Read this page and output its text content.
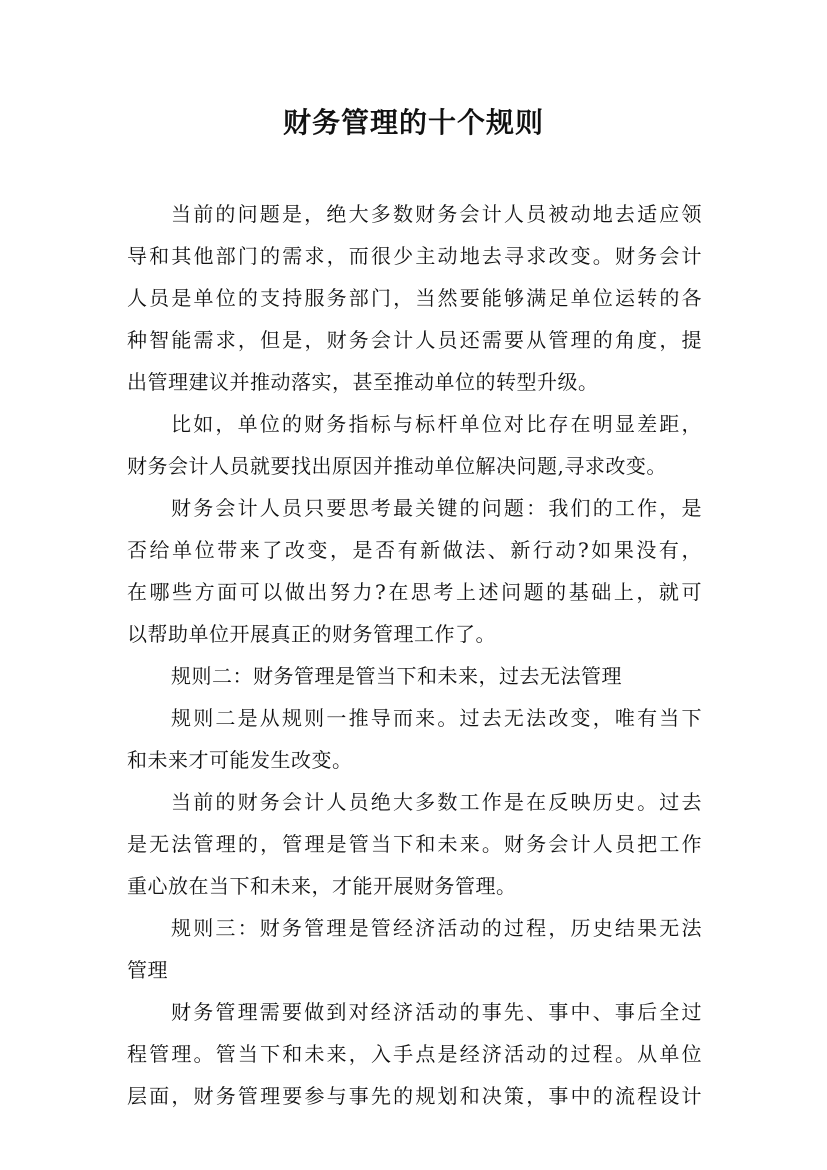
财务管理的十个规则
当前的问题是，绝大多数财务会计人员被动地去适应领
导和其他部门的需求，而很少主动地去寻求改变。财务会计
人员是单位的支持服务部门，当然要能够满足单位运转的各
种智能需求，但是，财务会计人员还需要从管理的角度，提
出管理建议并推动落实，甚至推动单位的转型升级。
比如，单位的财务指标与标杆单位对比存在明显差距，
财务会计人员就要找出原因并推动单位解决问题,寻求改变。
财务会计人员只要思考最关键的问题：我们的工作，是
否给单位带来了改变，是否有新做法、新行动?如果没有，
在哪些方面可以做出努力?在思考上述问题的基础上，就可
以帮助单位开展真正的财务管理工作了。
规则二：财务管理是管当下和未来，过去无法管理
规则二是从规则一推导而来。过去无法改变，唯有当下
和未来才可能发生改变。
当前的财务会计人员绝大多数工作是在反映历史。过去
是无法管理的，管理是管当下和未来。财务会计人员把工作
重心放在当下和未来，才能开展财务管理。
规则三：财务管理是管经济活动的过程，历史结果无法
管理
财务管理需要做到对经济活动的事先、事中、事后全过
程管理。管当下和未来，入手点是经济活动的过程。从单位
层面，财务管理要参与事先的规划和决策，事中的流程设计
